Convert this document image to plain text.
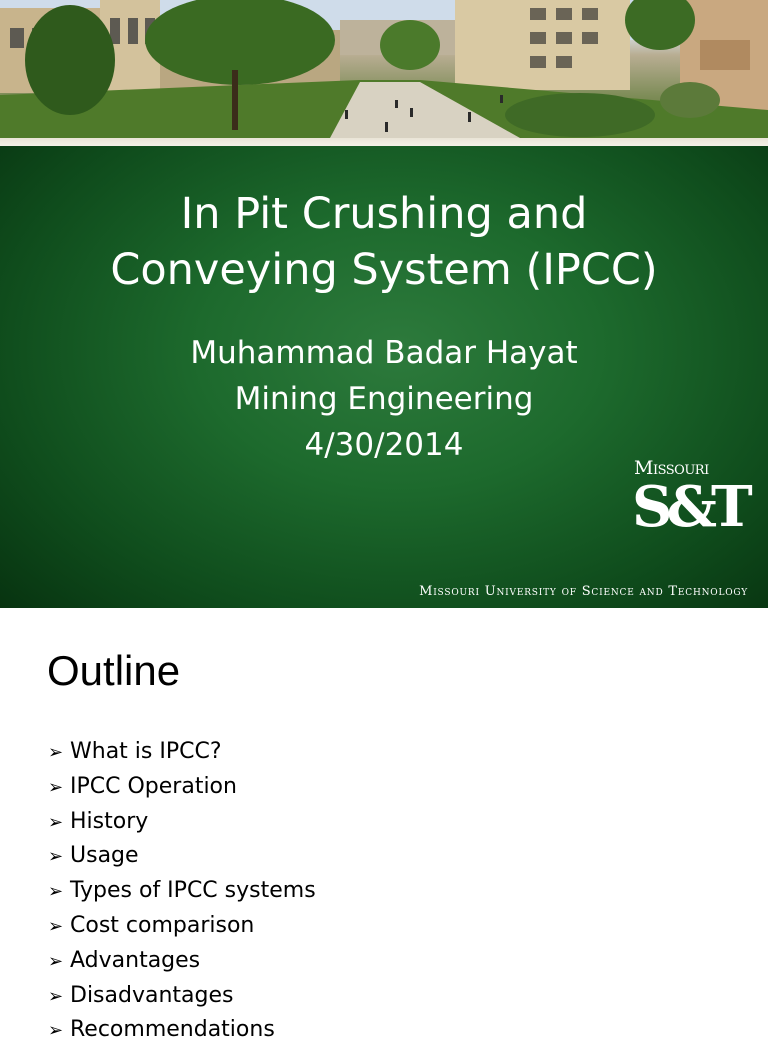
In Pit Crushing and
Conveying System (IPCC)
Muhammad Badar Hayat
Mining Engineering
4/30/2014
Missouri
S&T
Missouri University of Science and Technology
Outline
➢ What is IPCC?
➢ IPCC Operation
➢ History
➢ Usage
➢ Types of IPCC systems
➢ Cost comparison
➢ Advantages
➢ Disadvantages
➢ Recommendations
